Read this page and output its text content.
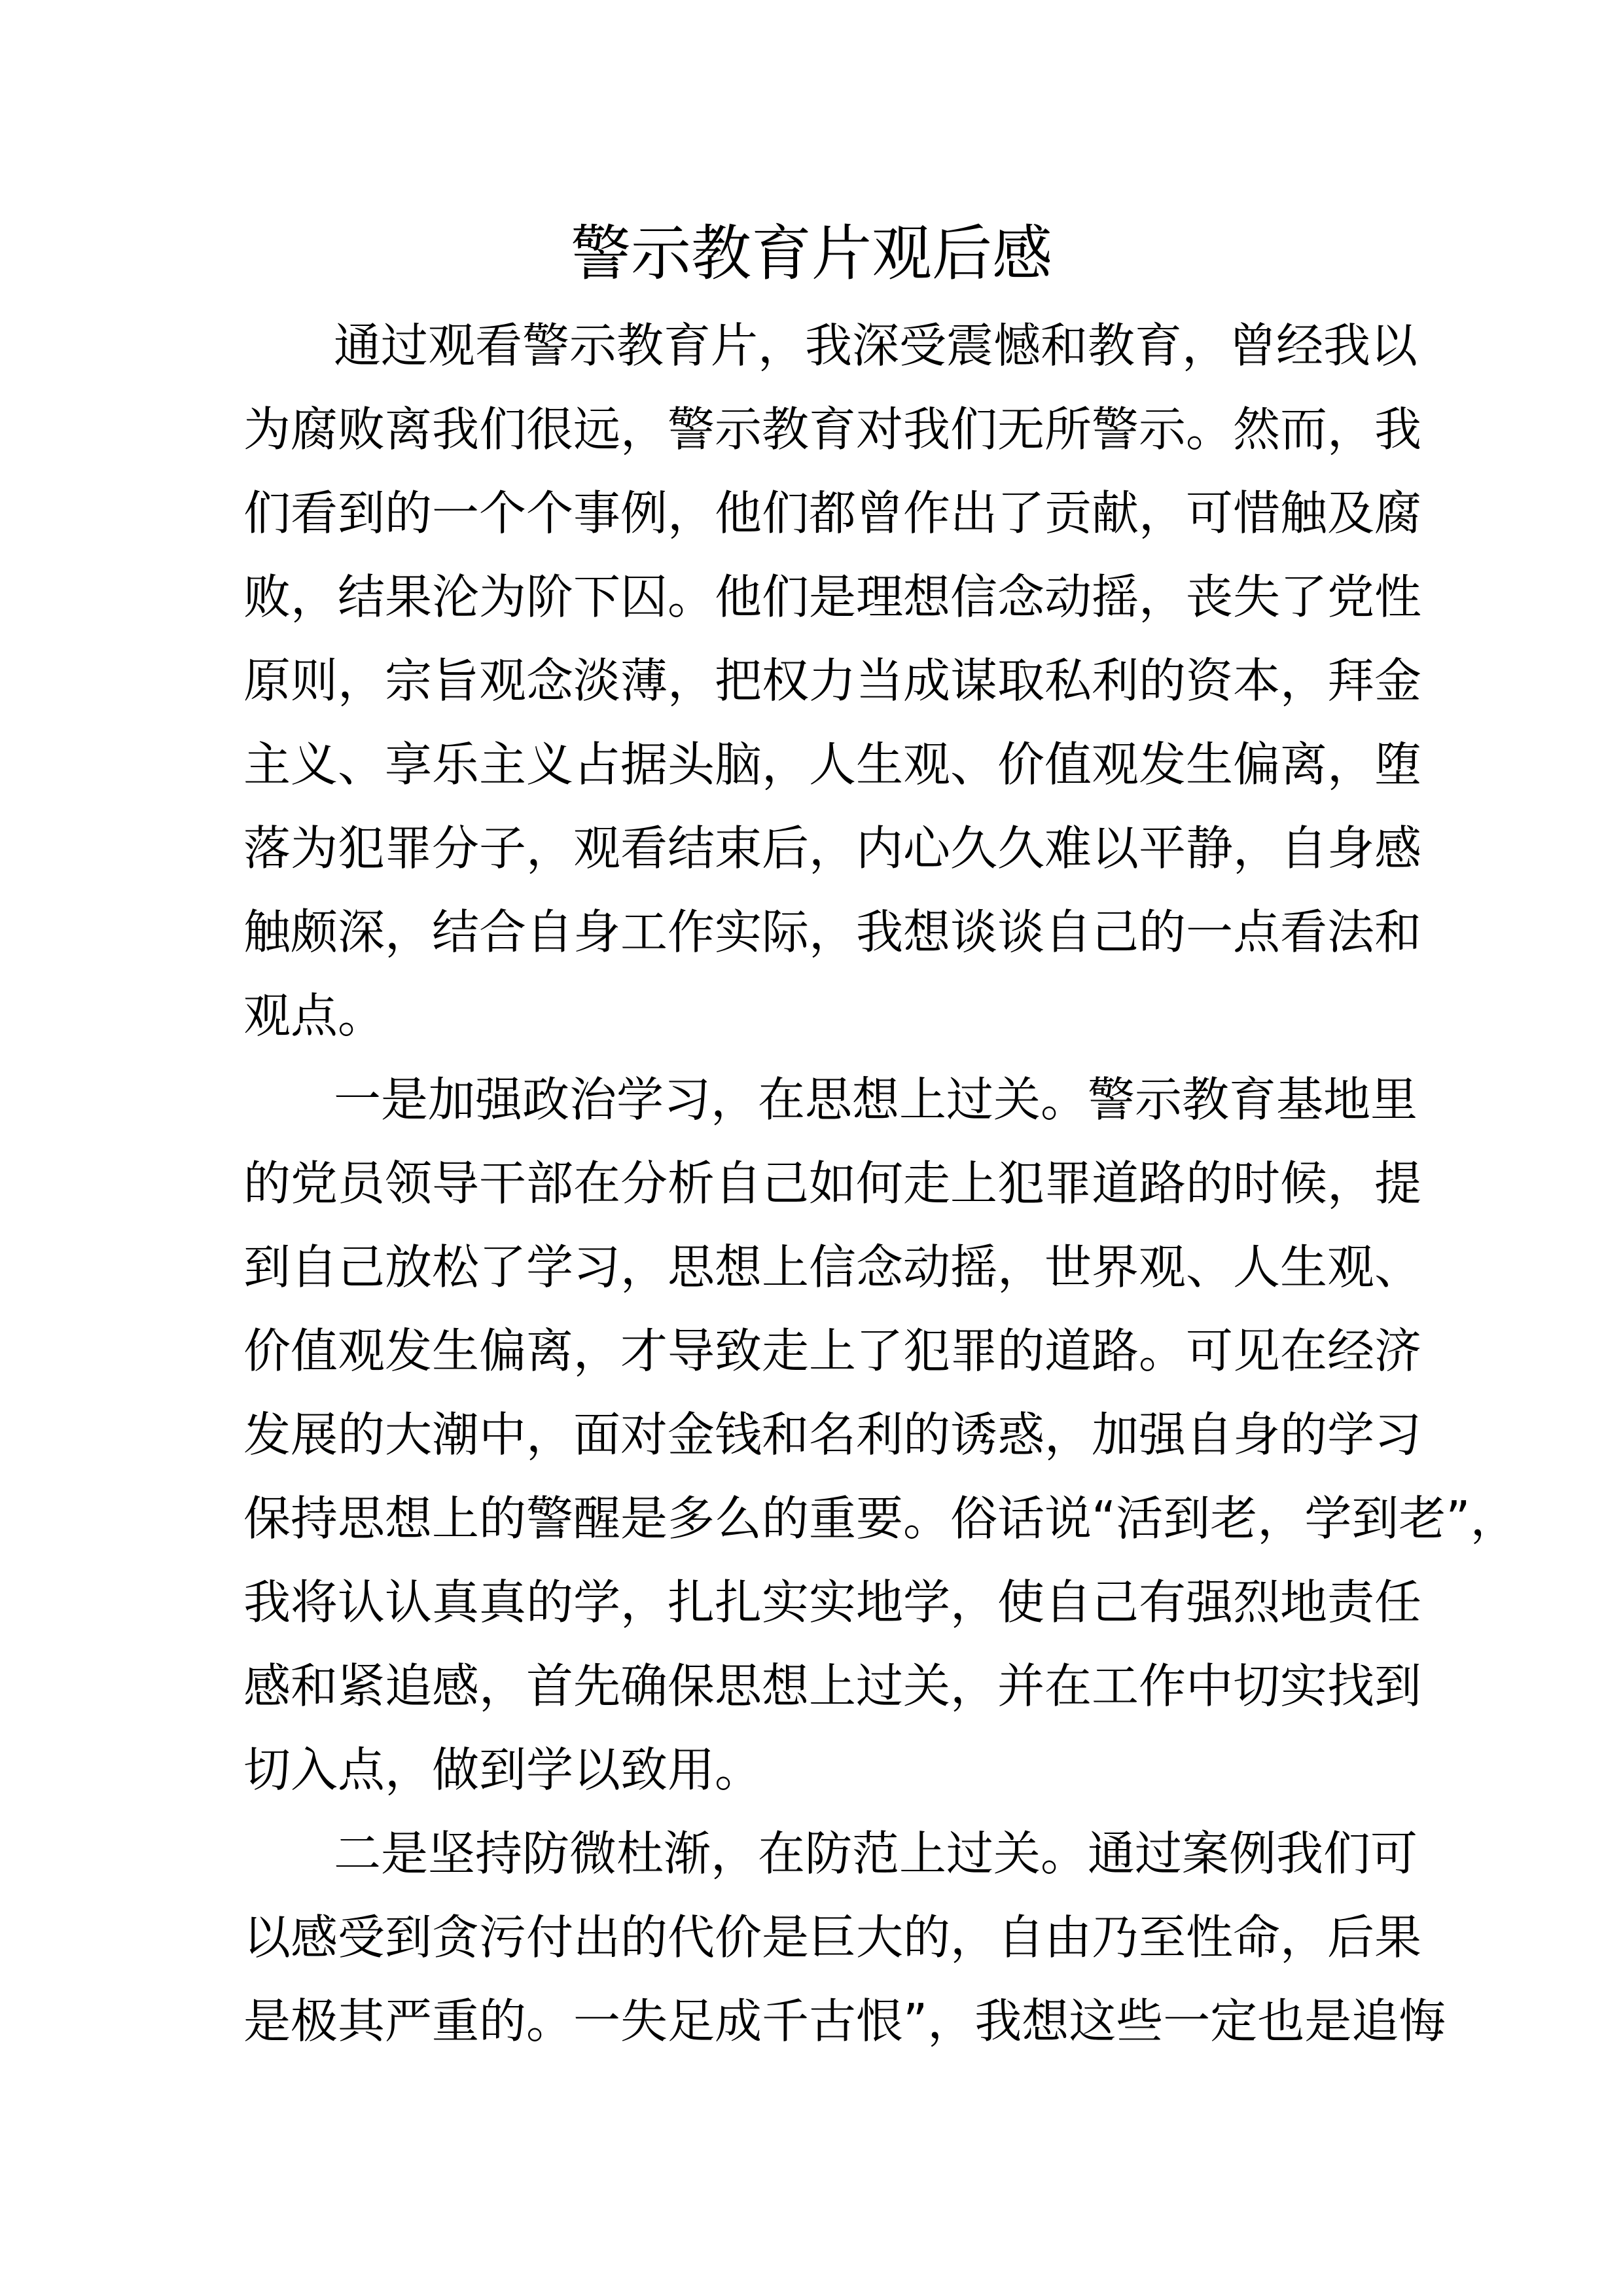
警示教育片观后感
通过观看警示教育片，我深受震憾和教育，曾经我以
为腐败离我们很远，警示教育对我们无所警示。然而，我
们看到的一个个事例，他们都曾作出了贡献，可惜触及腐
败，结果沦为阶下囚。他们是理想信念动摇，丧失了党性
原则，宗旨观念淡薄，把权力当成谋取私利的资本，拜金
主义、享乐主义占据头脑，人生观、价值观发生偏离，堕
落为犯罪分子，观看结束后，内心久久难以平静，自身感
触颇深，结合自身工作实际，我想谈谈自己的一点看法和
观点。
一是加强政治学习，在思想上过关。警示教育基地里
的党员领导干部在分析自己如何走上犯罪道路的时候，提
到自己放松了学习，思想上信念动摇，世界观、人生观、
价值观发生偏离，才导致走上了犯罪的道路。可见在经济
发展的大潮中，面对金钱和名利的诱惑，加强自身的学习
保持思想上的警醒是多么的重要。俗话说“活到老，学到老”，
我将认认真真的学，扎扎实实地学，使自己有强烈地责任
感和紧追感，首先确保思想上过关，并在工作中切实找到
切入点，做到学以致用。
二是坚持防微杜渐，在防范上过关。通过案例我们可
以感受到贪污付出的代价是巨大的，自由乃至性命，后果
是极其严重的。一失足成千古恨”，我想这些一定也是追悔
